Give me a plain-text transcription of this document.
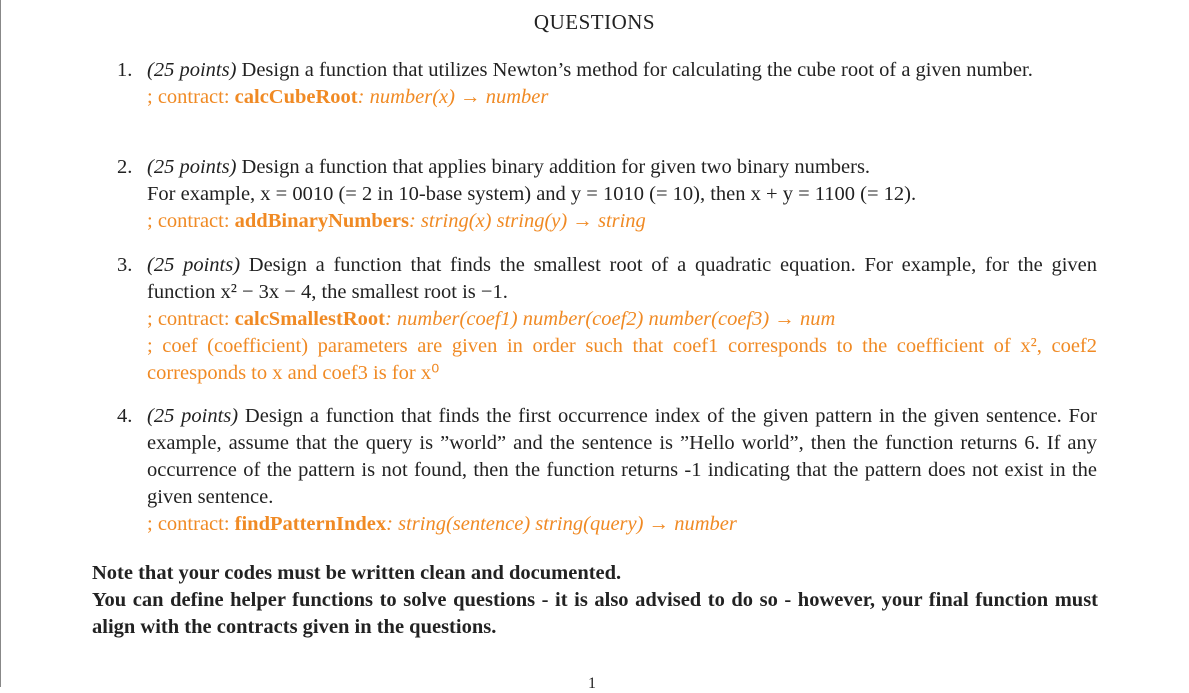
QUESTIONS
1. (25 points) Design a function that utilizes Newton’s method for calculating the cube root of a given number.
; contract: calcCubeRoot: number(x) → number
2. (25 points) Design a function that applies binary addition for given two binary numbers.
For example, x = 0010 (= 2 in 10-base system) and y = 1010 (= 10), then x + y = 1100 (= 12).
; contract: addBinaryNumbers: string(x) string(y) → string
3. (25 points) Design a function that finds the smallest root of a quadratic equation. For example, for the given function x² − 3x − 4, the smallest root is −1.
; contract: calcSmallestRoot: number(coef1) number(coef2) number(coef3) → num
; coef (coefficient) parameters are given in order such that coef1 corresponds to the coefficient of x², coef2 corresponds to x and coef3 is for x⁰
4. (25 points) Design a function that finds the first occurrence index of the given pattern in the given sentence. For example, assume that the query is ”world” and the sentence is ”Hello world”, then the function returns 6. If any occurrence of the pattern is not found, then the function returns -1 indicating that the pattern does not exist in the given sentence.
; contract: findPatternIndex: string(sentence) string(query) → number
Note that your codes must be written clean and documented.
You can define helper functions to solve questions - it is also advised to do so - however, your final function must align with the contracts given in the questions.
1
